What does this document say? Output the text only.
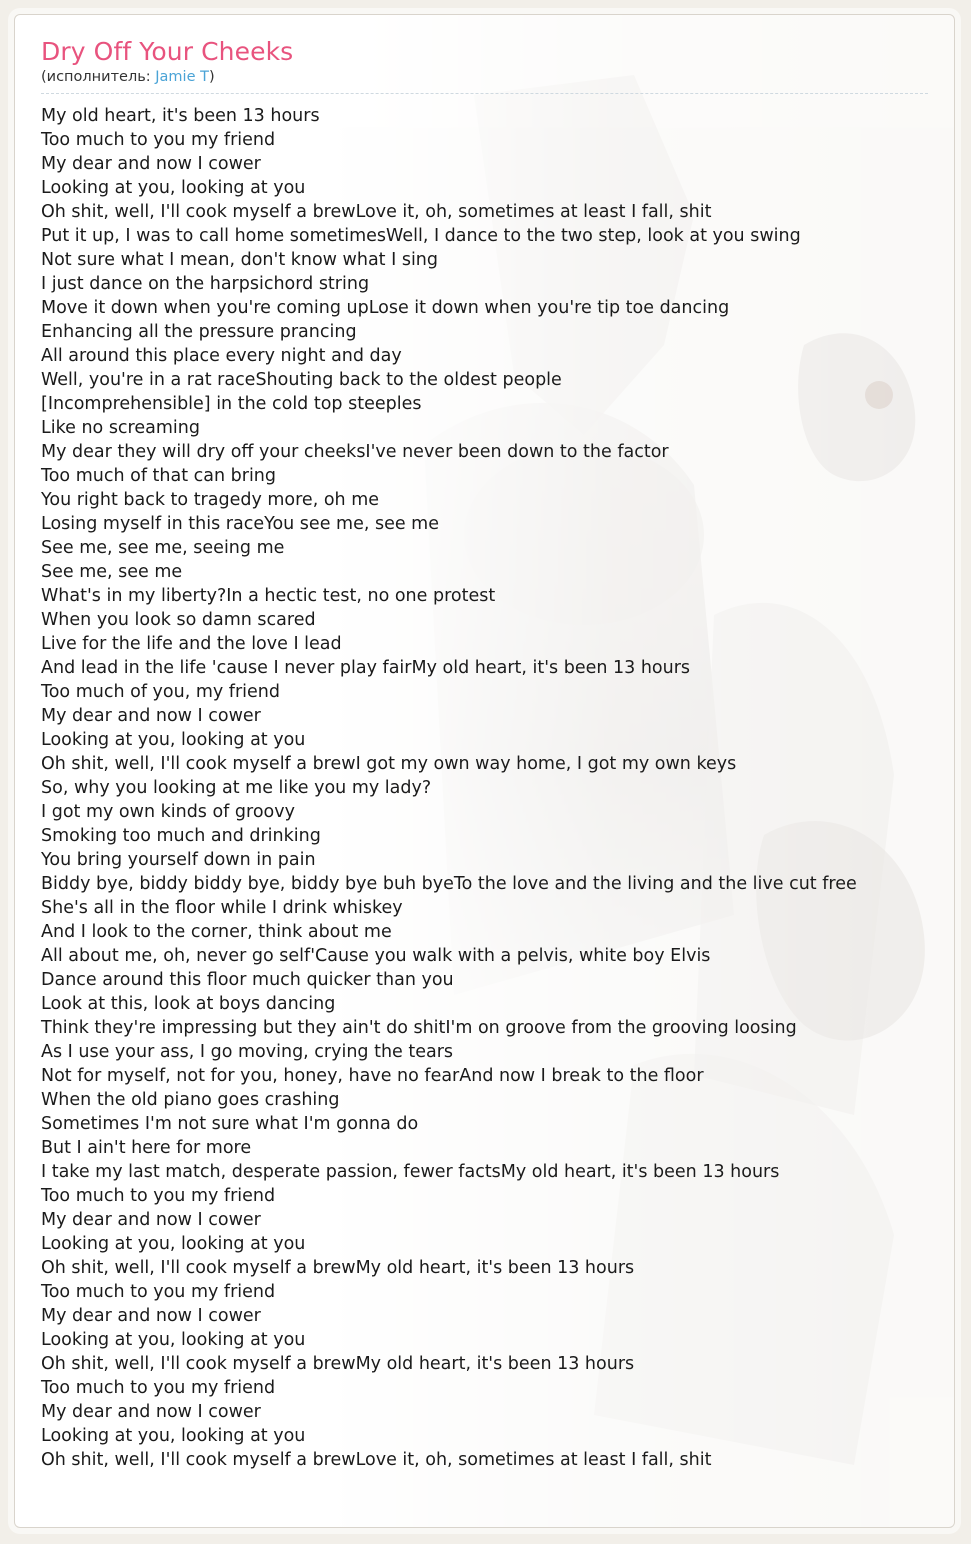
Dry Off Your Cheeks
(исполнитель: Jamie T)
My old heart, it's been 13 hours
Too much to you my friend
My dear and now I cower
Looking at you, looking at you
Oh shit, well, I'll cook myself a brewLove it, oh, sometimes at least I fall, shit
Put it up, I was to call home sometimesWell, I dance to the two step, look at you swing
Not sure what I mean, don't know what I sing
I just dance on the harpsichord string
Move it down when you're coming upLose it down when you're tip toe dancing
Enhancing all the pressure prancing
All around this place every night and day
Well, you're in a rat raceShouting back to the oldest people
[Incomprehensible] in the cold top steeples
Like no screaming
My dear they will dry off your cheeksI've never been down to the factor
Too much of that can bring
You right back to tragedy more, oh me
Losing myself in this raceYou see me, see me
See me, see me, seeing me
See me, see me
What's in my liberty?In a hectic test, no one protest
When you look so damn scared
Live for the life and the love I lead
And lead in the life 'cause I never play fairMy old heart, it's been 13 hours
Too much of you, my friend
My dear and now I cower
Looking at you, looking at you
Oh shit, well, I'll cook myself a brewI got my own way home, I got my own keys
So, why you looking at me like you my lady?
I got my own kinds of groovy
Smoking too much and drinking
You bring yourself down in pain
Biddy bye, biddy biddy bye, biddy bye buh byeTo the love and the living and the live cut free
She's all in the floor while I drink whiskey
And I look to the corner, think about me
All about me, oh, never go self'Cause you walk with a pelvis, white boy Elvis
Dance around this floor much quicker than you
Look at this, look at boys dancing
Think they're impressing but they ain't do shitI'm on groove from the grooving loosing
As I use your ass, I go moving, crying the tears
Not for myself, not for you, honey, have no fearAnd now I break to the floor
When the old piano goes crashing
Sometimes I'm not sure what I'm gonna do
But I ain't here for more
I take my last match, desperate passion, fewer factsMy old heart, it's been 13 hours
Too much to you my friend
My dear and now I cower
Looking at you, looking at you
Oh shit, well, I'll cook myself a brewMy old heart, it's been 13 hours
Too much to you my friend
My dear and now I cower
Looking at you, looking at you
Oh shit, well, I'll cook myself a brewMy old heart, it's been 13 hours
Too much to you my friend
My dear and now I cower
Looking at you, looking at you
Oh shit, well, I'll cook myself a brewLove it, oh, sometimes at least I fall, shit
